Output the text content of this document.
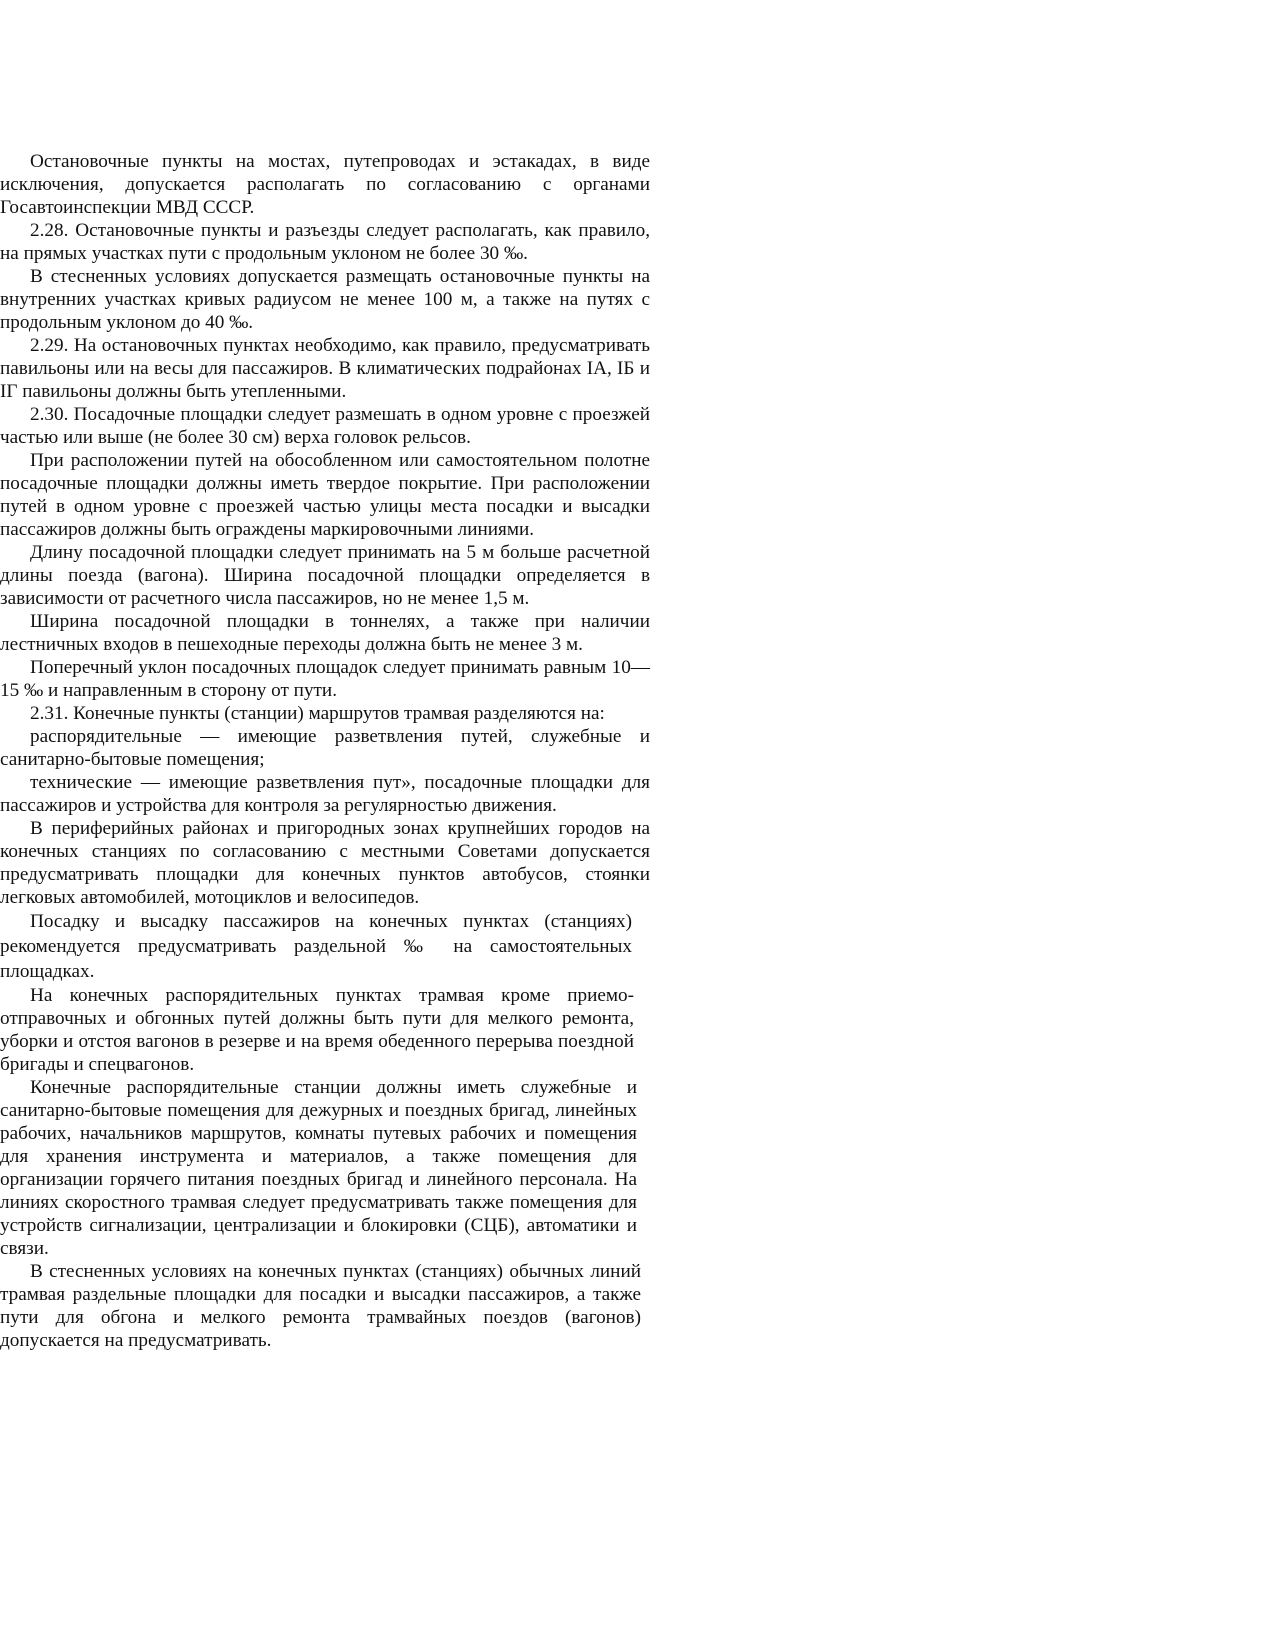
Остановочные пункты на мостах, путепроводах и эстакадах, в виде исключения, допускается располагать по согласованию с органами Госавтоинспекции МВД СССР.

2.28. Остановочные пункты и разъезды следует располагать, как правило, на прямых участках пути с продольным уклоном не более 30 ‰.

В стесненных условиях допускается размещать остановочные пункты на внутренних участках кривых радиусом не менее 100 м, а также на путях с продольным уклоном до 40 ‰.

2.29. На остановочных пунктах необходимо, как правило, предусматривать павильоны или на весы для пассажиров. В климатических подрайонах IA, IБ и IГ павильоны должны быть утепленными.

2.30. Посадочные площадки следует размешать в одном уровне с проезжей частью или выше (не более 30 см) верха головок рельсов.

При расположении путей на обособленном или самостоятельном полотне посадочные площадки должны иметь твердое покрытие. При расположении путей в одном уровне с проезжей частью улицы места посадки и высадки пассажиров должны быть ограждены маркировочными линиями.

Длину посадочной площадки следует принимать на 5 м больше расчетной длины поезда (вагона). Ширина посадочной площадки определяется в зависимости от расчетного числа пассажиров, но не менее 1,5 м.

Ширина посадочной площадки в тоннелях, а также при наличии лестничных входов в пешеходные переходы должна быть не менее 3 м.

Поперечный уклон посадочных площадок следует принимать равным 10—15 ‰ и направленным в сторону от пути.

2.31. Конечные пункты (станции) маршрутов трамвая разделяются на:

распорядительные — имеющие разветвления путей, служебные и санитарно-бытовые помещения;

технические — имеющие разветвления пут», посадочные площадки для пассажиров и устройства для контроля за регулярностью движения.

В периферийных районах и пригородных зонах крупнейших городов на конечных станциях по согласованию с местными Советами допускается предусматривать площадки для конечных пунктов автобусов, стоянки легковых автомобилей, мотоциклов и велосипедов.

Посадку и высадку пассажиров на конечных пунктах (станциях) рекомендуется предусматривать раздельной ‰ на самостоятельных площадках.

На конечных распорядительных пунктах трамвая кроме приемо-отправочных и обгонных путей должны быть пути для мелкого ремонта, уборки и отстоя вагонов в резерве и на время обеденного перерыва поездной бригады и спецвагонов.

Конечные распорядительные станции должны иметь служебные и санитарно-бытовые помещения для дежурных и поездных бригад, линейных рабочих, начальников маршрутов, комнаты путевых рабочих и помещения для хранения инструмента и материалов, а также помещения для организации горячего питания поездных бригад и линейного персонала. На линиях скоростного трамвая следует предусматривать также помещения для устройств сигнализации, централизации и блокировки (СЦБ), автоматики и связи.

В стесненных условиях на конечных пунктах (станциях) обычных линий трамвая раздельные площадки для посадки и высадки пассажиров, а также пути для обгона и мелкого ремонта трамвайных поездов (вагонов) допускается на предусматривать.
